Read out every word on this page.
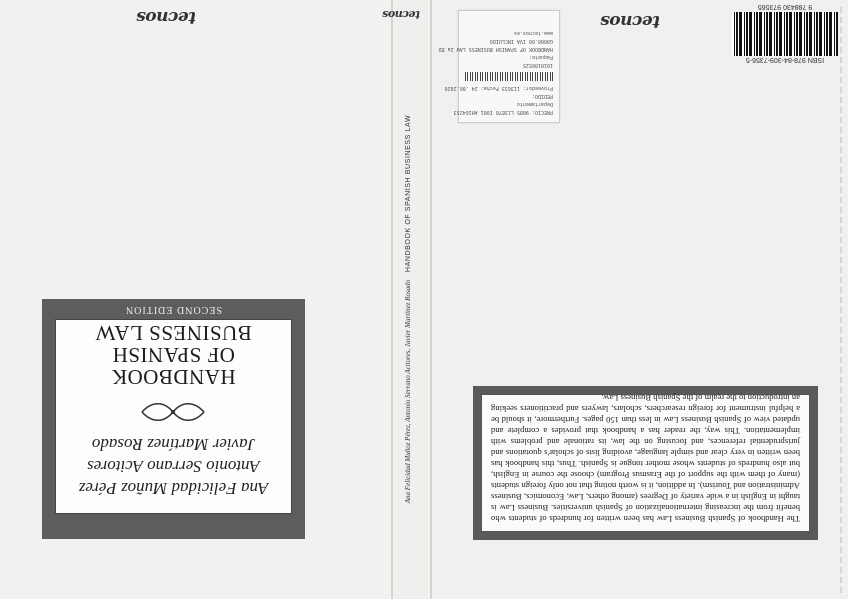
The Handbook of Spanish Business Law has been written for hundreds of students who benefit from the increasing internationalization of Spanish universities. Business Law is taught in English in a wide variety of Degrees (among others, Law, Economics, Business Administration and Tourism). In addition, it is worth noting that not only foreign students (many of them with the support of the Erasmus Program) choose the course in English, but also hundreds of students whose mother tongue is Spanish. Thus, this handbook has been written in very clear and simple language, avoiding lists of scholar's quotations and jurisprudential references, and focusing on the law, its rationale and problems with implementation. This way, the reader has a handbook that provides a complete and updated view of Spanish Business Law in less than 150 pages. Furthermore, it should be a helpful instrument for foreign researchers, scholars, lawyers and practitioners seeking an introduction to the realm of the Spanish Business Law.
PRECIO: 9085 L13E70 I001 AH164253
Departamento
PEDIDO:
Proveedor: 113633 Fecha: 24 .06.2020
1010100525
Paquete:
HANDBOOK OF SPANISH BUSINESS LAW 2a ED
G0000.00 IVA INCLUIDO
www.tecnos.es
ISBN 978-84-309-7356-5
9 788430 973565
tecnos
tecnos
tecnos
Ana Felicidad Muñoz Pérez, Antonio Serrano Acitores, Javier Martínez Rosado HANDBOOK OF SPANISH BUSINESS LAW
Ana Felicidad Muñoz Pérez
Antonio Serrano Acitores
Javier Martínez Rosado
HANDBOOK
OF SPANISH
BUSINESS LAW
SECOND EDITION
